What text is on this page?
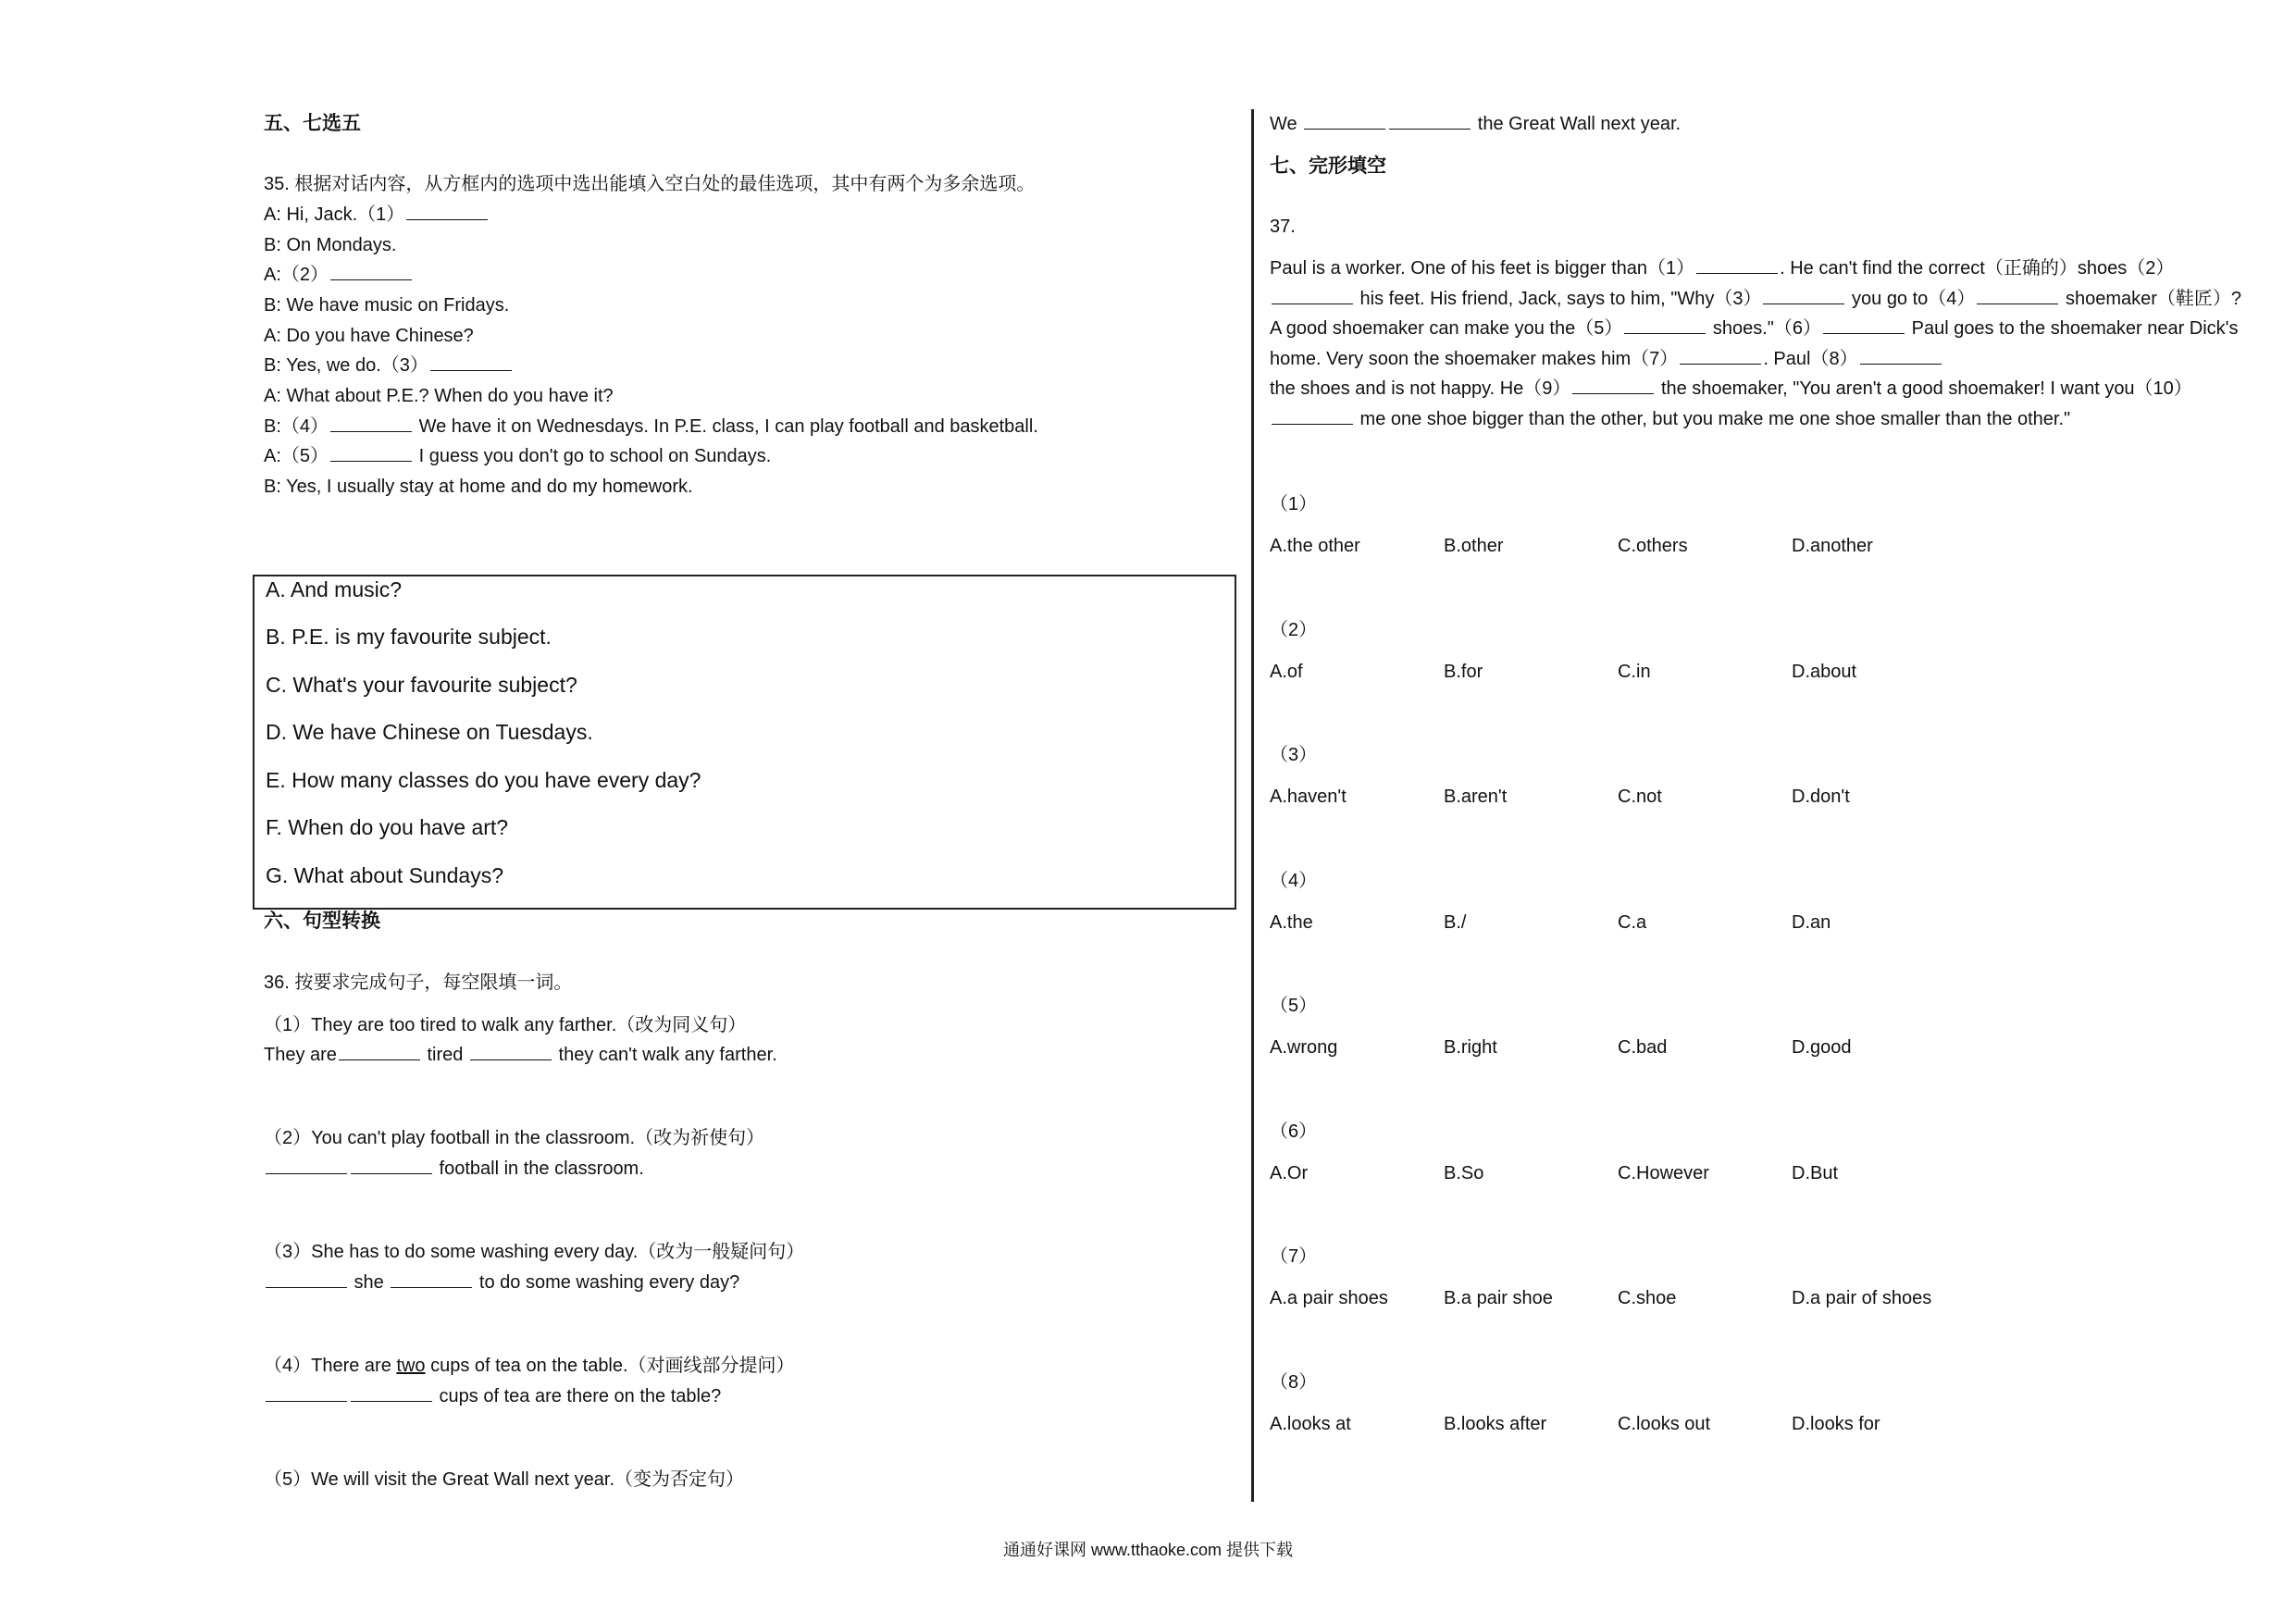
五、七选五
35. 根据对话内容，从方框内的选项中选出能填入空白处的最佳选项，其中有两个为多余选项。
A: Hi, Jack.（1）
B: On Mondays.
A:（2）
B: We have music on Fridays.
A: Do you have Chinese?
B: Yes, we do.（3）
A: What about P.E.? When do you have it?
B:（4）	We have it on Wednesdays. In P.E. class, I can play football and basketball.
A:（5）	I guess you don't go to school on Sundays.
B: Yes, I usually stay at home and do my homework.
A. And music?
B. P.E. is my favourite subject.
C. What's your favourite subject?
D. We have Chinese on Tuesdays.
E. How many classes do you have every day?
F. When do you have art?
G. What about Sundays?
六、句型转换
36. 按要求完成句子，每空限填一词。
（1）They are too tired to walk any farther.（改为同义句）
They are	tired	they can't walk any farther.
（2）You can't play football in the classroom.（改为祈使句）
football in the classroom.
（3）She has to do some washing every day.（改为一般疑问句）
she	to do some washing every day?
（4）There are two cups of tea on the table.（对画线部分提问）
cups of tea are there on the table?
（5）We will visit the Great Wall next year.（变为否定句）
We	the Great Wall next year.
七、完形填空
37.
Paul is a worker. One of his feet is bigger than（1）	. He can't find the correct（正确的）shoes（2）
his feet. His friend, Jack, says to him, "Why（3）	you go to（4）	shoemaker（鞋匠）? A good shoemaker can make you the（5）	shoes."（6）	Paul goes to the shoemaker near Dick's home. Very soon the shoemaker makes him（7）	. Paul（8） the shoes and is not happy. He（9）	the shoemaker, "You aren't a good shoemaker! I want you（10） me one shoe bigger than the other, but you make me one shoe smaller than the other."
（1）
A.the other	B.other	C.others	D.another
（2）
A.of	B.for	C.in	D.about
（3）
A.haven't	B.aren't	C.not	D.don't
（4）
A.the	B./	C.a	D.an
（5）
A.wrong	B.right	C.bad	D.good
（6）
A.Or	B.So	C.However	D.But
（7）
A.a pair shoes	B.a pair shoe	C.shoe	D.a pair of shoes
（8）
A.looks at	B.looks after	C.looks out	D.looks for
通通好课网 www.tthaoke.com 提供下载
